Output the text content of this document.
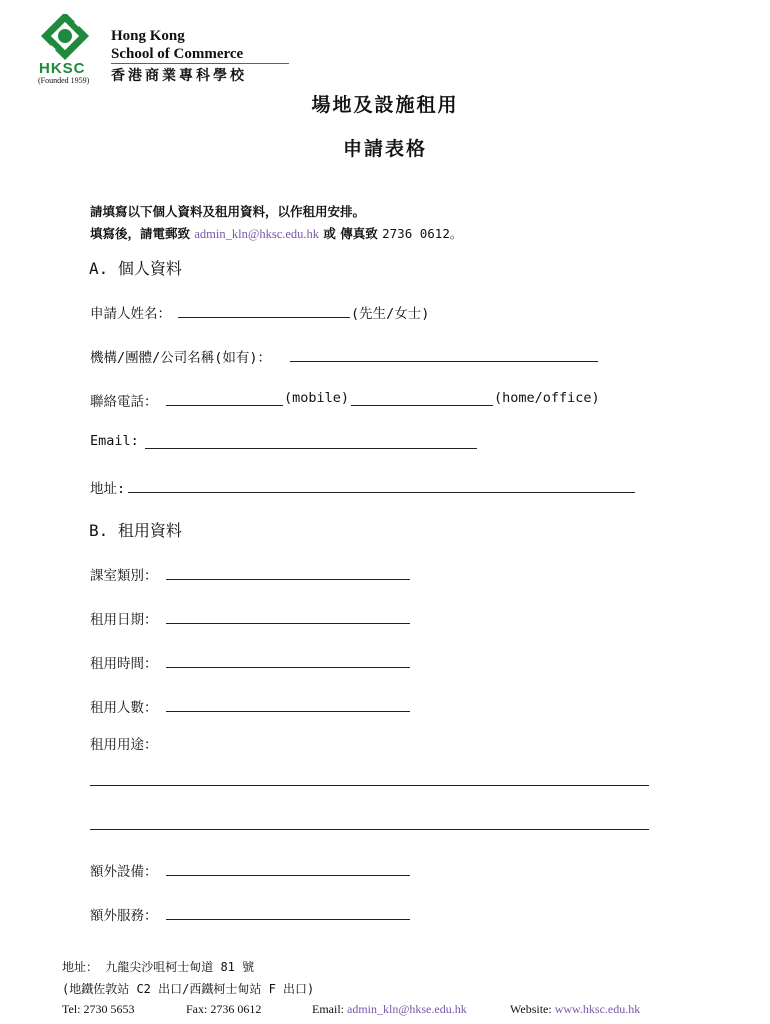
HKSC
(Founded 1959)
Hong Kong
School of Commerce
香港商業專科學校
場地及設施租用
申請表格
請填寫以下個人資料及租用資料，以作租用安排。
填寫後，請電郵致 admin_kln@hksc.edu.hk 或 傳真致 2736 0612。
A. 個人資料
申請人姓名：	(先生/女士)
機構/團體/公司名稱(如有)：
聯絡電話：	(mobile)	(home/office)
Email:
地址:
B. 租用資料
課室類別：
租用日期：
租用時間：
租用人數：
租用用途：
額外設備：
額外服務：
地址： 九龍尖沙咀柯士甸道 81 號
(地鐵佐敦站 C2 出口/西鐵柯士甸站 F 出口)
Tel: 2730 5653	Fax: 2736 0612	Email: admin_kln@hkse.edu.hk	Website: www.hksc.edu.hk
